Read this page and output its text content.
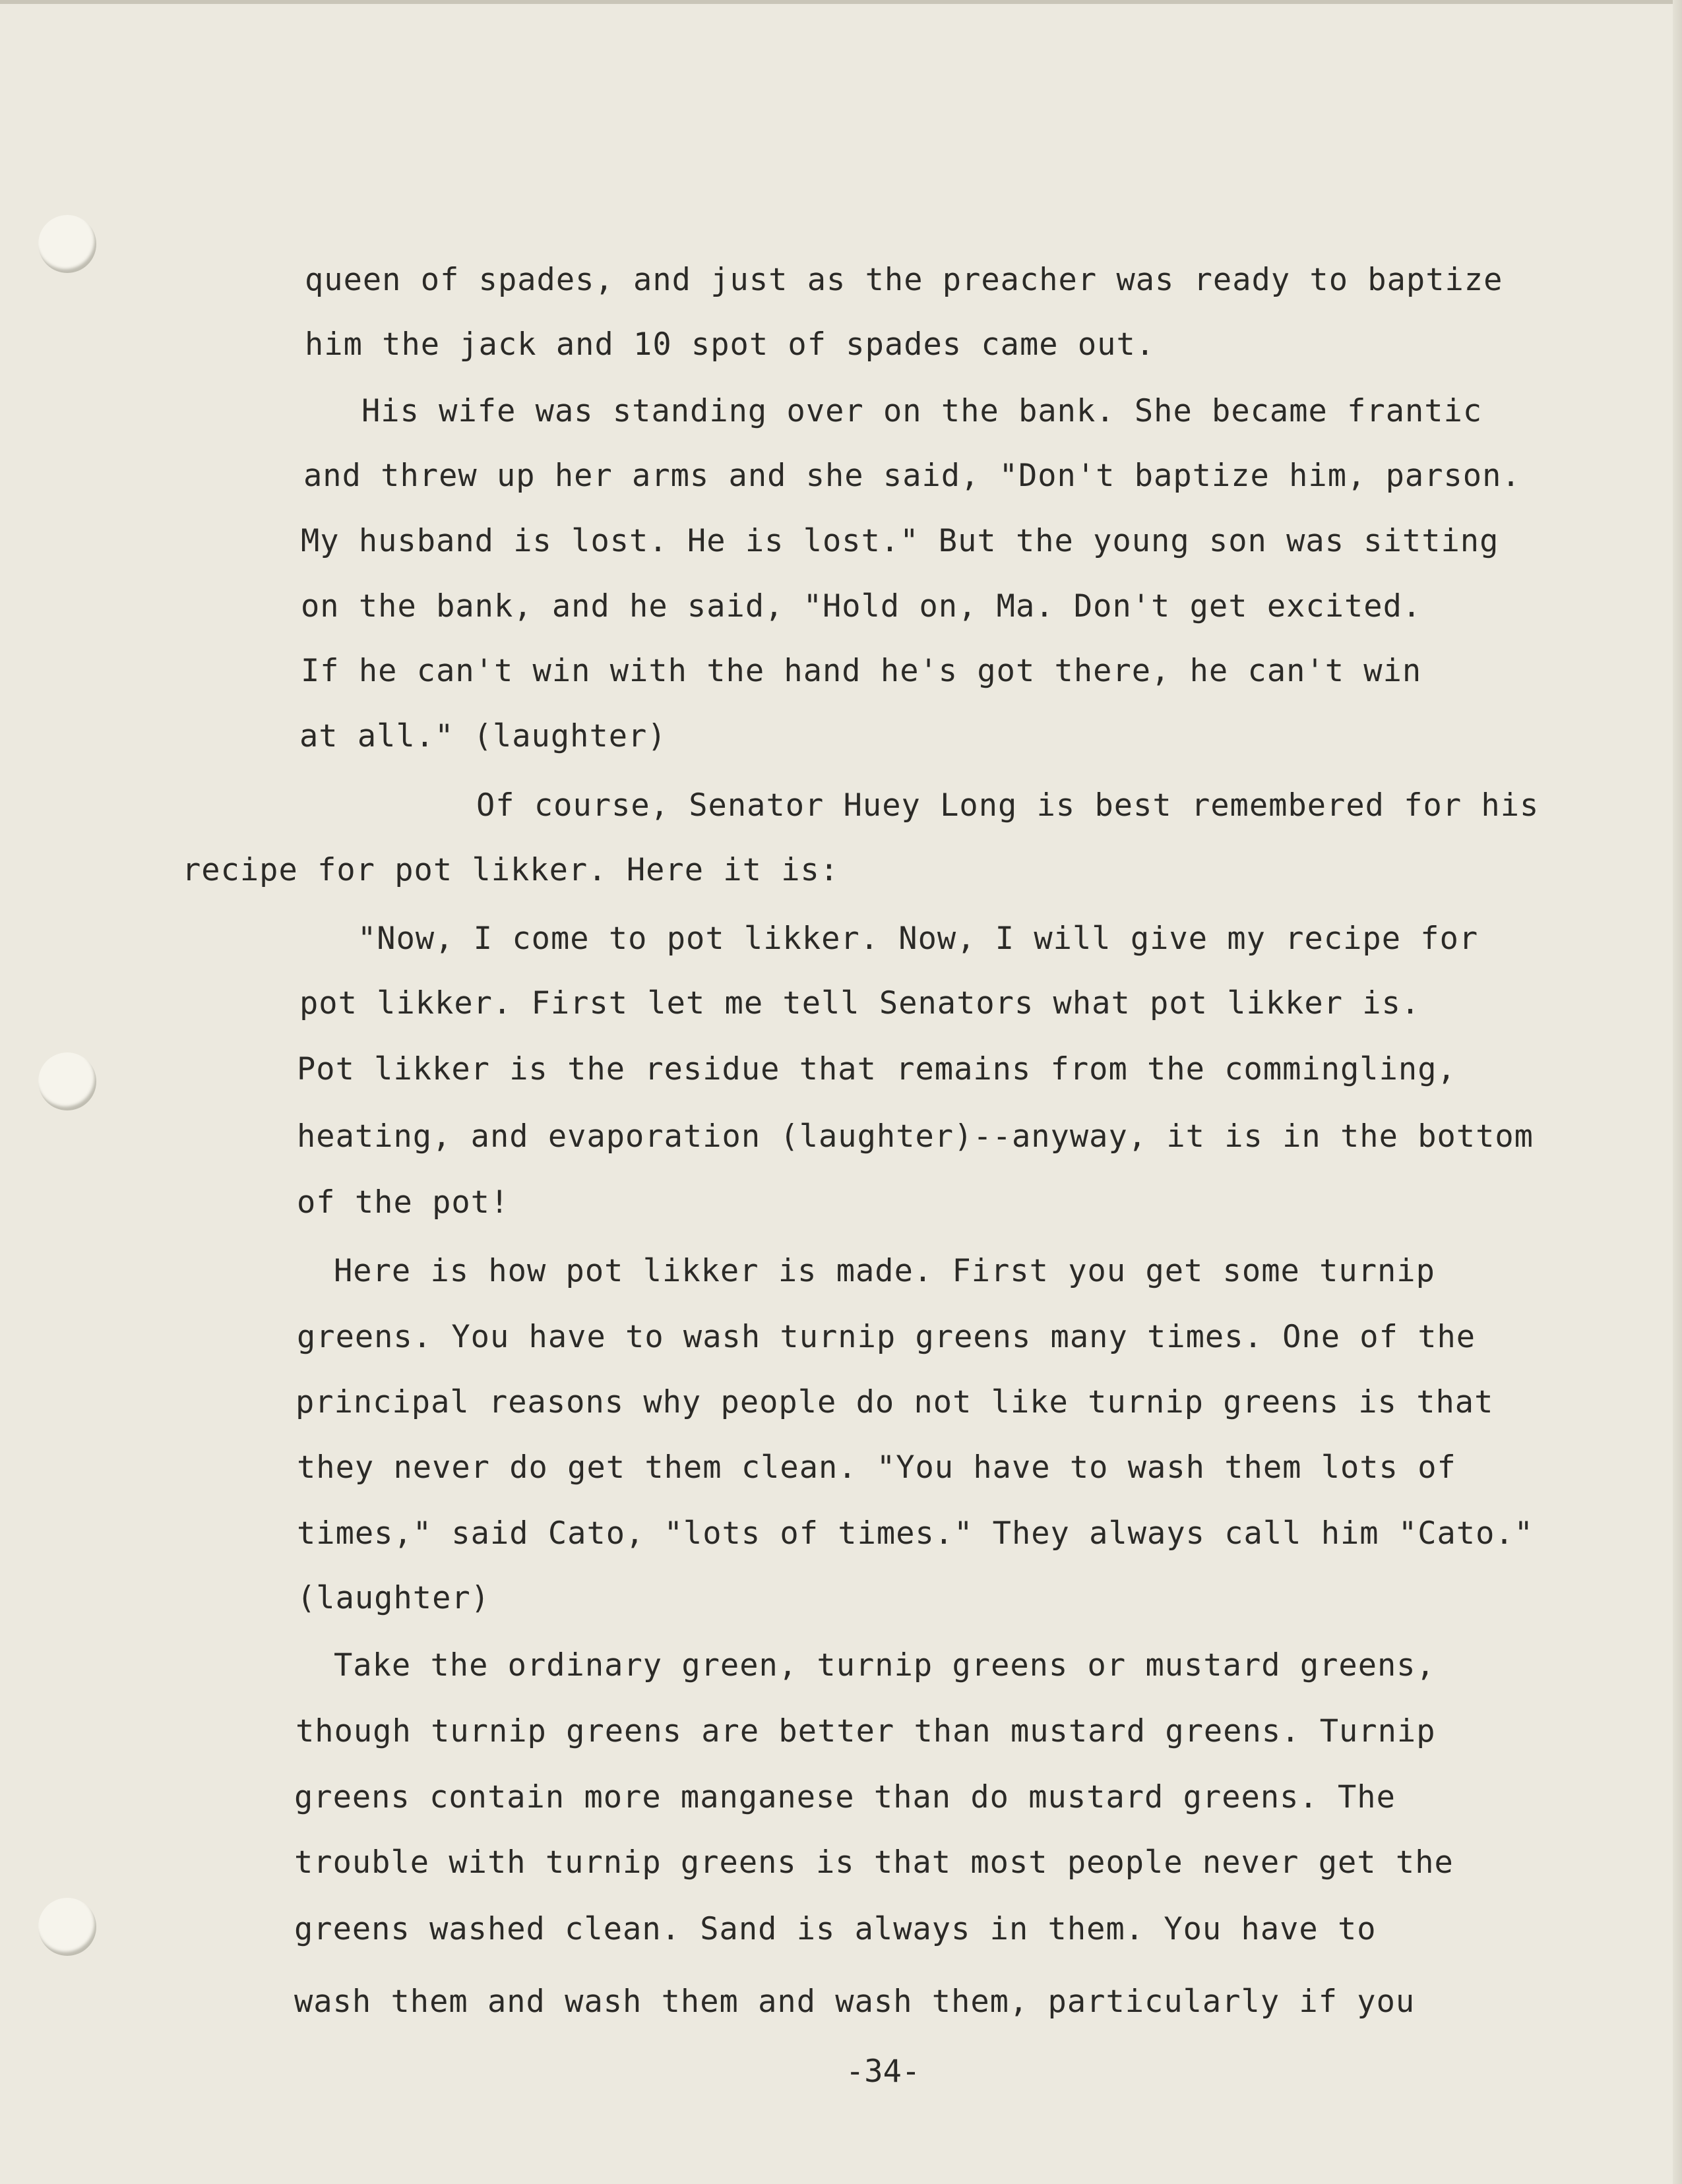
queen of spades, and just as the preacher was ready to baptize
him the jack and 10 spot of spades came out.
His wife was standing over on the bank. She became frantic
and threw up her arms and she said, "Don't baptize him, parson.
My husband is lost. He is lost." But the young son was sitting
on the bank, and he said, "Hold on, Ma. Don't get excited.
If he can't win with the hand he's got there, he can't win
at all." (laughter)
Of course, Senator Huey Long is best remembered for his
recipe for pot likker. Here it is:
"Now, I come to pot likker. Now, I will give my recipe for
pot likker. First let me tell Senators what pot likker is.
Pot likker is the residue that remains from the commingling,
heating, and evaporation (laughter)--anyway, it is in the bottom
of the pot!
Here is how pot likker is made. First you get some turnip
greens. You have to wash turnip greens many times. One of the
principal reasons why people do not like turnip greens is that
they never do get them clean. "You have to wash them lots of
times," said Cato, "lots of times." They always call him "Cato."
(laughter)
Take the ordinary green, turnip greens or mustard greens,
though turnip greens are better than mustard greens. Turnip
greens contain more manganese than do mustard greens. The
trouble with turnip greens is that most people never get the
greens washed clean. Sand is always in them. You have to
wash them and wash them and wash them, particularly if you
-34-
